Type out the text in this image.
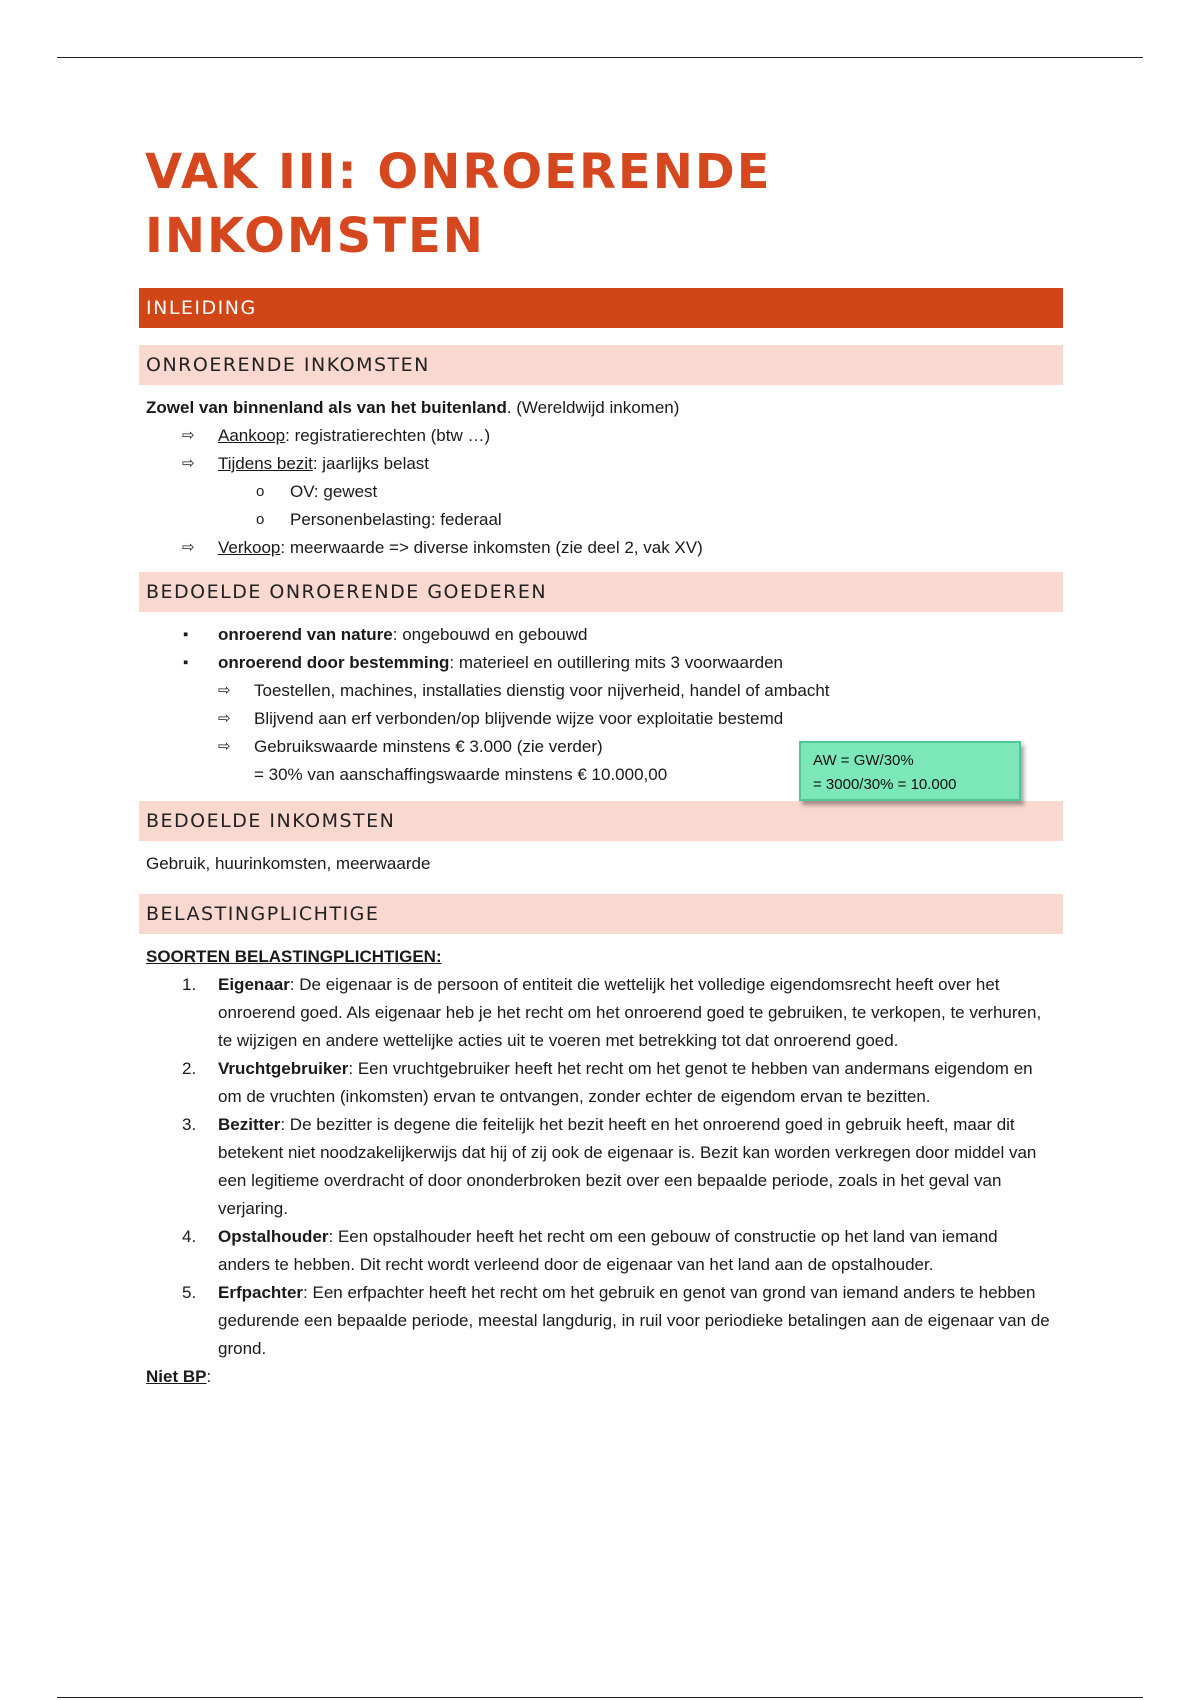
VAK III: ONROERENDE
INKOMSTEN
INLEIDING
ONROERENDE INKOMSTEN
Zowel van binnenland als van het buitenland. (Wereldwijd inkomen)
⇨ Aankoop: registratierechten (btw …)
⇨ Tijdens bezit: jaarlijks belast
o OV: gewest
o Personenbelasting: federaal
⇨ Verkoop: meerwaarde => diverse inkomsten (zie deel 2, vak XV)
BEDOELDE ONROERENDE GOEDEREN
▪ onroerend van nature: ongebouwd en gebouwd
▪ onroerend door bestemming: materieel en outillering mits 3 voorwaarden
⇨ Toestellen, machines, installaties dienstig voor nijverheid, handel of ambacht
⇨ Blijvend aan erf verbonden/op blijvende wijze voor exploitatie bestemd
⇨ Gebruikswaarde minstens € 3.000 (zie verder)
= 30% van aanschaffingswaarde minstens € 10.000,00
BEDOELDE INKOMSTEN
Gebruik, huurinkomsten, meerwaarde
BELASTINGPLICHTIGE
SOORTEN BELASTINGPLICHTIGEN:
1. Eigenaar: De eigenaar is de persoon of entiteit die wettelijk het volledige eigendomsrecht heeft over het onroerend goed. Als eigenaar heb je het recht om het onroerend goed te gebruiken, te verkopen, te verhuren, te wijzigen en andere wettelijke acties uit te voeren met betrekking tot dat onroerend goed.
2. Vruchtgebruiker: Een vruchtgebruiker heeft het recht om het genot te hebben van andermans eigendom en om de vruchten (inkomsten) ervan te ontvangen, zonder echter de eigendom ervan te bezitten.
3. Bezitter: De bezitter is degene die feitelijk het bezit heeft en het onroerend goed in gebruik heeft, maar dit betekent niet noodzakelijkerwijs dat hij of zij ook de eigenaar is. Bezit kan worden verkregen door middel van een legitieme overdracht of door ononderbroken bezit over een bepaalde periode, zoals in het geval van verjaring.
4. Opstalhouder: Een opstalhouder heeft het recht om een gebouw of constructie op het land van iemand anders te hebben. Dit recht wordt verleend door de eigenaar van het land aan de opstalhouder.
5. Erfpachter: Een erfpachter heeft het recht om het gebruik en genot van grond van iemand anders te hebben gedurende een bepaalde periode, meestal langdurig, in ruil voor periodieke betalingen aan de eigenaar van de grond.
Niet BP:
AW = GW/30%
= 3000/30% = 10.000
